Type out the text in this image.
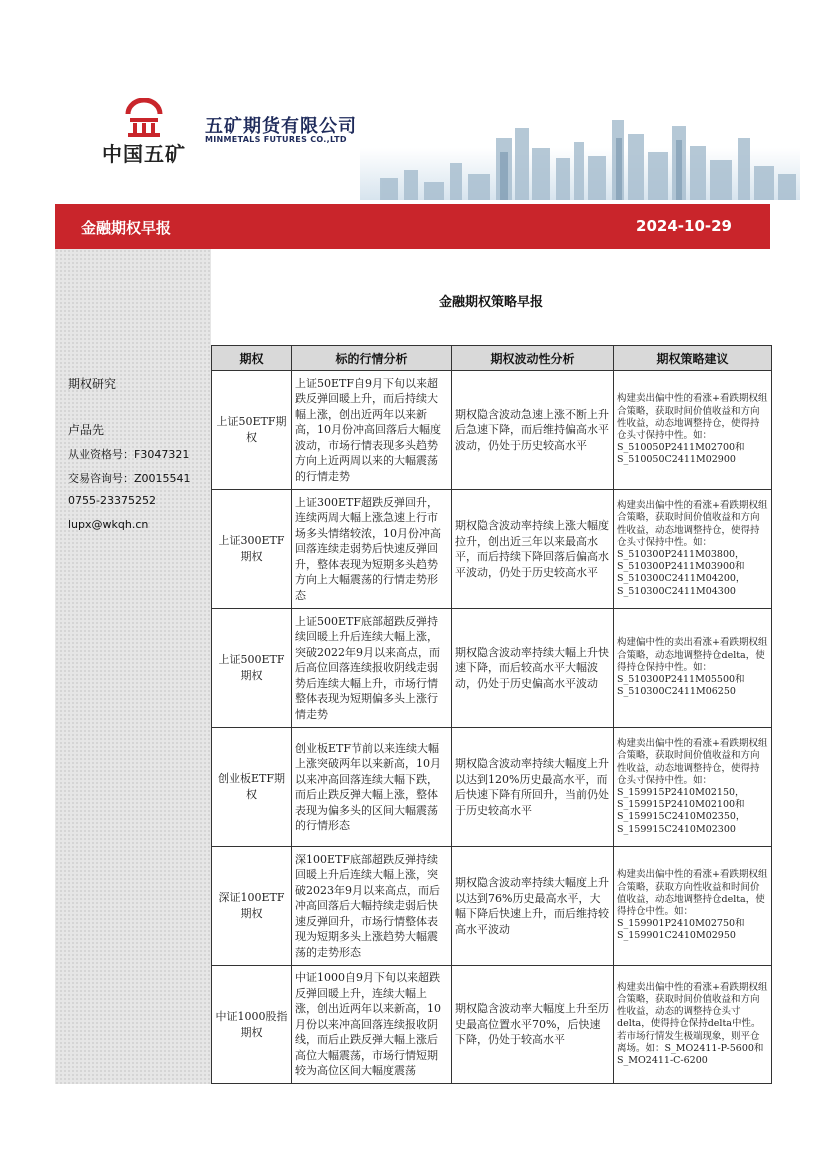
中国五矿
五矿期货有限公司
MINMETALS FUTURES CO.,LTD
金融期权早报	2024-10-29
期权研究
卢品先
从业资格号：F3047321
交易咨询号：Z0015541
0755-23375252
lupx@wkqh.cn
金融期权策略早报
期权	标的行情分析	期权波动性分析	期权策略建议
上证50ETF期权	上证50ETF自9月下旬以来超跌反弹回暖上升，而后持续大幅上涨，创出近两年以来新高，10月份冲高回落后大幅度波动，市场行情表现多头趋势方向上近两周以来的大幅震荡的行情走势	期权隐含波动急速上涨不断上升后急速下降，而后维持偏高水平波动，仍处于历史较高水平	构建卖出偏中性的看涨+看跌期权组合策略，获取时间价值收益和方向性收益，动态地调整持仓，使得持仓头寸保持中性。如：S_510050P2411M02700和S_510050C2411M02900
上证300ETF期权	上证300ETF超跌反弹回升，连续两周大幅上涨急速上行市场多头情绪较浓，10月份冲高回落连续走弱势后快速反弹回升，整体表现为短期多头趋势方向上大幅震荡的行情走势形态	期权隐含波动率持续上涨大幅度拉升，创出近三年以来最高水平，而后持续下降回落后偏高水平波动，仍处于历史较高水平	构建卖出偏中性的看涨+看跌期权组合策略，获取时间价值收益和方向性收益，动态地调整持仓，使得持仓头寸保持中性。如：S_510300P2411M03800，S_510300P2411M03900和S_510300C2411M04200，S_510300C2411M04300
上证500ETF期权	上证500ETF底部超跌反弹持续回暖上升后连续大幅上涨，突破2022年9月以来高点，而后高位回落连续报收阴线走弱势后连续大幅上升，市场行情整体表现为短期偏多头上涨行情走势	期权隐含波动率持续大幅上升快速下降，而后较高水平大幅波动，仍处于历史偏高水平波动	构建偏中性的卖出看涨+看跌期权组合策略，动态地调整持仓delta，使得持仓保持中性。如：S_510300P2411M05500和S_510300C2411M06250
创业板ETF期权	创业板ETF节前以来连续大幅上涨突破两年以来新高，10月以来冲高回落连续大幅下跌，而后止跌反弹大幅上涨，整体表现为偏多头的区间大幅震荡的行情形态	期权隐含波动率持续大幅度上升以达到120%历史最高水平，而后快速下降有所回升，当前仍处于历史较高水平	构建卖出偏中性的看涨+看跌期权组合策略，获取时间价值收益和方向性收益，动态地调整持仓，使得持仓头寸保持中性。如：S_159915P2410M02150，S_159915P2410M02100和S_159915C2410M02350，S_159915C2410M02300
深证100ETF期权	深100ETF底部超跌反弹持续回暖上升后连续大幅上涨，突破2023年9月以来高点，而后冲高回落后大幅持续走弱后快速反弹回升，市场行情整体表现为短期多头上涨趋势大幅震荡的走势形态	期权隐含波动率持续大幅度上升以达到76%历史最高水平，大幅下降后快速上升，而后维持较高水平波动	构建卖出偏中性的看涨+看跌期权组合策略，获取方向性收益和时间价值收益，动态地调整持仓delta，使得持仓中性。如：S_159901P2410M02750和S_159901C2410M02950
中证1000股指期权	中证1000自9月下旬以来超跌反弹回暖上升，连续大幅上涨，创出近两年以来新高，10月份以来冲高回落连续报收阴线，而后止跌反弹大幅上涨后高位大幅震荡，市场行情短期较为高位区间大幅度震荡	期权隐含波动率大幅度上升至历史最高位置水平70%，后快速下降，仍处于较高水平	构建卖出偏中性的看涨+看跌期权组合策略，获取时间价值收益和方向性收益，动态的调整持仓头寸delta，使得持仓保持delta中性。若市场行情发生极端现象，则平仓离场。如：S_MO2411-P-5600和S_MO2411-C-6200
